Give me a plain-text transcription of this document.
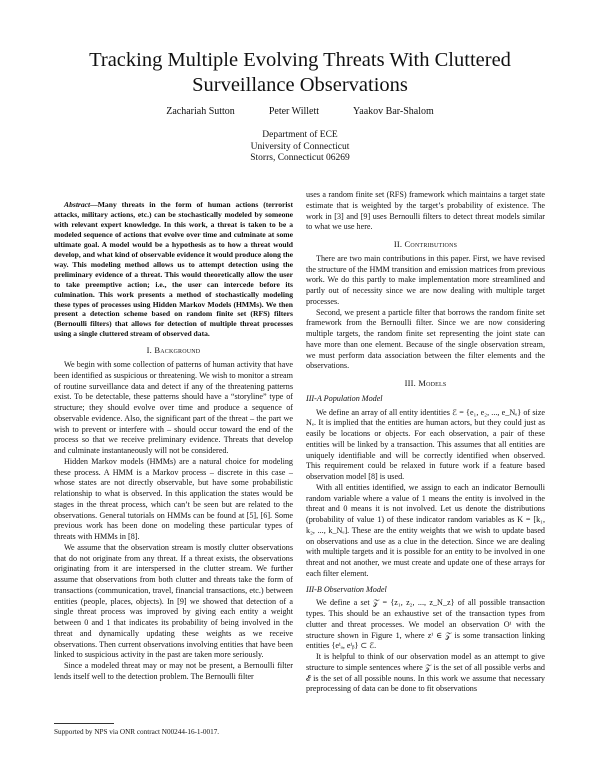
Tracking Multiple Evolving Threats With Cluttered Surveillance Observations
Zachariah Sutton	Peter Willett	Yaakov Bar-Shalom
Department of ECE
University of Connecticut
Storrs, Connecticut 06269

Abstract—Many threats in the form of human actions (terrorist attacks, military actions, etc.) can be stochastically modeled by someone with relevant expert knowledge. In this work, a threat is taken to be a modeled sequence of actions that evolve over time and culminate at some ultimate goal. A model would be a hypothesis as to how a threat would develop, and what kind of observable evidence it would produce along the way. This modeling method allows us to attempt detection using the preliminary evidence of a threat. This would theoretically allow the user to take preemptive action; i.e., the user can intercede before its culmination. This work presents a method of stochastically modeling these types of processes using Hidden Markov Models (HMMs). We then present a detection scheme based on random finite set (RFS) filters (Bernoulli filters) that allows for detection of multiple threat processes using a single cluttered stream of observed data.

I. Background

We begin with some collection of patterns of human activity that have been identified as suspicious or threatening. We wish to monitor a stream of routine surveillance data and detect if any of the threatening patterns exist. To be detectable, these patterns should have a “storyline” type of structure; they should evolve over time and produce a sequence of observable evidence. Also, the significant part of the threat – the part we wish to prevent or interfere with – should occur toward the end of the process so that we receive preliminary evidence. Threats that develop and culminate instantaneously will not be considered.

Hidden Markov models (HMMs) are a natural choice for modeling these process. A HMM is a Markov process – discrete in this case – whose states are not directly observable, but have some probabilistic relationship to what is observed. In this application the states would be stages in the threat process, which can’t be seen but are related to the observations. General tutorials on HMMs can be found at [5], [6]. Some previous work has been done on modeling these particular types of threats with HMMs in [8].

We assume that the observation stream is mostly clutter observations that do not originate from any threat. If a threat exists, the observations originating from it are interspersed in the clutter stream. We further assume that observations from both clutter and threats take the form of transactions (communication, travel, financial transactions, etc.) between entities (people, places, objects). In [9] we showed that detection of a single threat process was improved by giving each entity a weight between 0 and 1 that indicates its probability of being involved in the threat and dynamically updating these weights as we receive observations. Then current observations involving entities that have been linked to suspicious activity in the past are taken more seriously.

Since a modeled threat may or may not be present, a Bernoulli filter lends itself well to the detection problem. The Bernoulli filter

Supported by NPS via ONR contract N00244-16-1-0017.

uses a random finite set (RFS) framework which maintains a target state estimate that is weighted by the target’s probability of existence. The work in [3] and [9] uses Bernoulli filters to detect threat models similar to what we use here.

II. Contributions

There are two main contributions in this paper. First, we have revised the structure of the HMM transition and emission matrices from previous work. We do this partly to make implementation more streamlined and partly out of necessity since we are now dealing with multiple target processes.

Second, we present a particle filter that borrows the random finite set framework from the Bernoulli filter. Since we are now considering multiple targets, the random finite set representing the joint state can have more than one element. Because of the single observation stream, we must perform data association between the filter elements and the observations.

III. Models
III-A Population Model

We define an array of all entity identities ℰ = {e₁, e₂, ..., e_Nₑ} of size Nₑ. It is implied that the entities are human actors, but they could just as easily be locations or objects. For each observation, a pair of these entities will be linked by a transaction. This assumes that all entities are uniquely identifiable and will be correctly identified when observed. This requirement could be relaxed in future work if a feature based observation model [8] is used.

With all entities identified, we assign to each an indicator Bernoulli random variable where a value of 1 means the entity is involved in the threat and 0 means it is not involved. Let us denote the distributions (probability of value 1) of these indicator random variables as K = [k₁, k₂, ..., k_Nₑ]. These are the entity weights that we wish to update based on observations and use as a clue in the detection. Since we are dealing with multiple targets and it is possible for an entity to be involved in one threat and not another, we must create and update one of these arrays for each filter element.

III-B Observation Model

We define a set 𝒵 = {z₁, z₂, ..., z_N_z} of all possible transaction types. This should be an exhaustive set of the transaction types from clutter and threat processes. We model an observation Oⁱ with the structure shown in Figure 1, where zⁱ ∈ 𝒵 is some transaction linking entities {eⁱₐ, eⁱᵦ} ⊂ ℰ.

It is helpful to think of our observation model as an attempt to give structure to simple sentences where 𝒵 is the set of all possible verbs and ℰ is the set of all possible nouns. In this work we assume that necessary preprocessing of data can be done to fit observations
